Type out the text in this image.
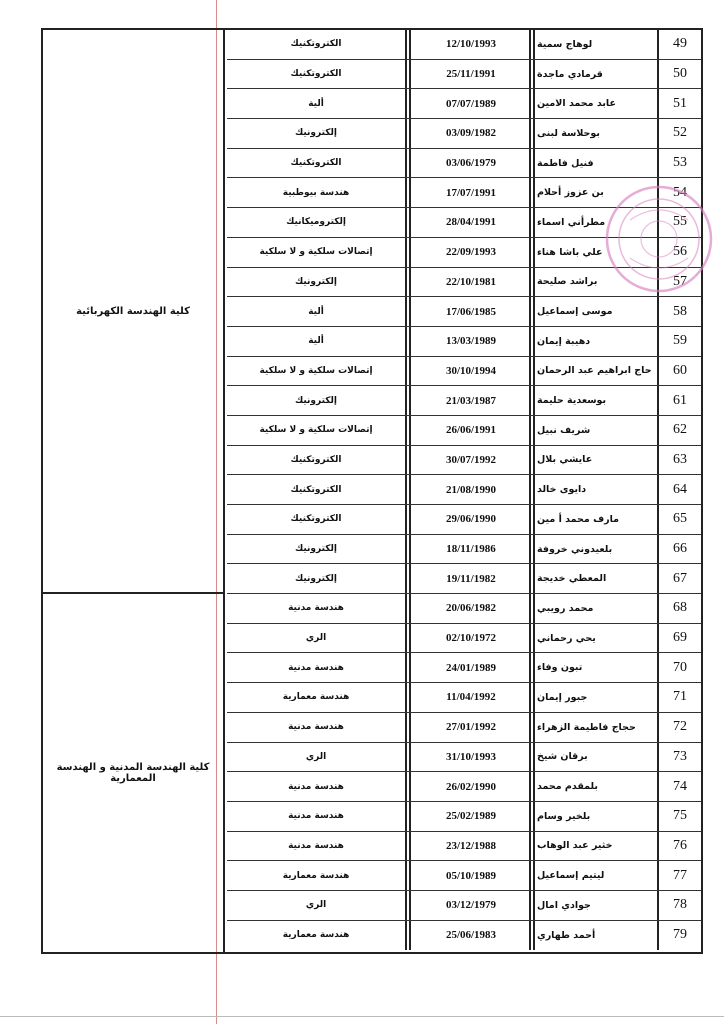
كلية الهندسة الكهربائية
كلية الهندسة المدنية و الهندسة المعمارية
الكتروتكنيك	12/10/1993	لوهاج سمية	49
الكتروتكنيك	25/11/1991	قرمادي ماجدة	50
ألية	07/07/1989	عابد محمد الامين	51
إلكترونيك	03/09/1982	بوحلاسة لبنى	52
الكتروتكنيك	03/06/1979	فنيل فاطمة	53
هندسة بيوطبية	17/07/1991	بن عزوز أحلام	54
إلكتروميكانيك	28/04/1991	مطرأني اسماء	55
إتصالات سلكية و لا سلكية	22/09/1993	علي باشا هناء	56
إلكترونيك	22/10/1981	براشد صليحة	57
ألية	17/06/1985	موسى إسماعيل	58
ألية	13/03/1989	دهيبة إيمان	59
إتصالات سلكية و لا سلكية	30/10/1994	حاج ابراهيم عبد الرحمان	60
إلكترونيك	21/03/1987	بوسعدية حليمة	61
إتصالات سلكية و لا سلكية	26/06/1991	شريف نبيل	62
الكتروتكنيك	30/07/1992	عايشي بلال	63
الكتروتكنيك	21/08/1990	دايوى خالد	64
الكتروتكنيك	29/06/1990	مارف محمد أ مين	65
إلكترونيك	18/11/1986	بلعيدوني خروفة	66
إلكترونيك	19/11/1982	المعطي خديجة	67
هندسة مدنية	20/06/1982	محمد رويبي	68
الري	02/10/1972	يحي رحماني	69
هندسة مدنية	24/01/1989	تبون وفاء	70
هندسة معمارية	11/04/1992	جبور إيمان	71
هندسة مدنية	27/01/1992	حجاج فاطيمة الزهراء	72
الري	31/10/1993	برقان شيخ	73
هندسة مدنية	26/02/1990	بلمقدم محمد	74
هندسة مدنية	25/02/1989	بلخير وسام	75
هندسة مدنية	23/12/1988	خثير عبد الوهاب	76
هندسة معمارية	05/10/1989	ليتيم إسماعيل	77
الري	03/12/1979	جوادي امال	78
هندسة معمارية	25/06/1983	أحمد طهاري	79
